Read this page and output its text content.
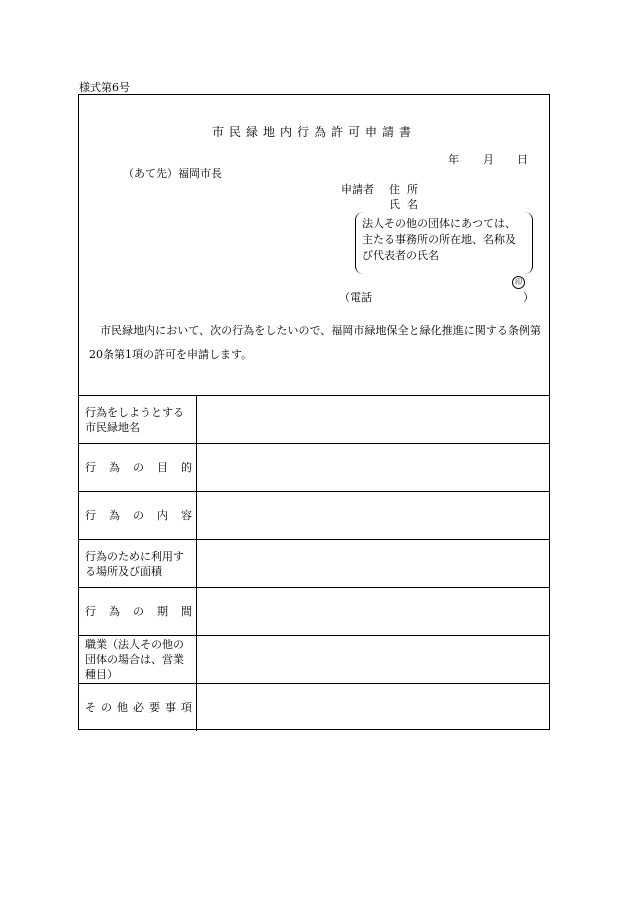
様式第6号
市民緑地内行為許可申請書
年 月 日
（あて先）福岡市長
申請者 住所
氏名
法人その他の団体にあつては、
主たる事務所の所在地、名称及
び代表者の氏名
印
（電話	）
市民緑地内において、次の行為をしたいので、福岡市緑地保全と緑化推進に関する条例第20条第1項の許可を申請します。
行為をしようとする市民緑地名
行為の目的
行為の内容
行為のために利用する場所及び面積
行為の期間
職業（法人その他の団体の場合は、営業種目）
その他必要事項
